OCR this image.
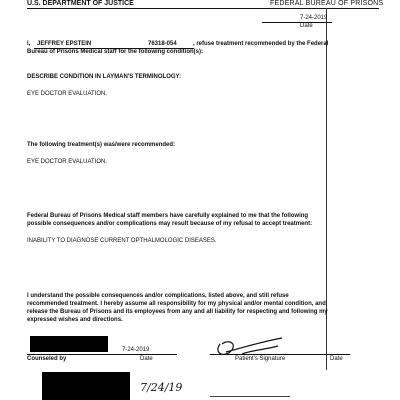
U.S. DEPARTMENT OF JUSTICE	FEDERAL BUREAU OF PRISONS
7-24-2019
Date
I, JEFFREY EPSTEIN	76318-054	, refuse treatment recommended by the Federal
Bureau of Prisons Medical staff for the following condition(s):
DESCRIBE CONDITION IN LAYMAN'S TERMINOLOGY:
EYE DOCTOR EVALUATION.
The following treatment(s) was/were recommended:
EYE DOCTOR EVALUATION.
Federal Bureau of Prisons Medical staff members have carefully explained to me that the following
possible consequences and/or complications may result because of my refusal to accept treatment:
INABILITY TO DIAGNOSE CURRENT OPTHALMOLOGIC DISEASES.
I understand the possible consequences and/or complications, listed above, and still refuse
recommended treatment. I hereby assume all responsibility for my physical and/or mental condition, and
release the Bureau of Prisons and its employees from any and all liability for respecting and following my
expressed wishes and directions.
7-24-2019
Counseled by	Date	Patient's Signature	Date
7/24/19
